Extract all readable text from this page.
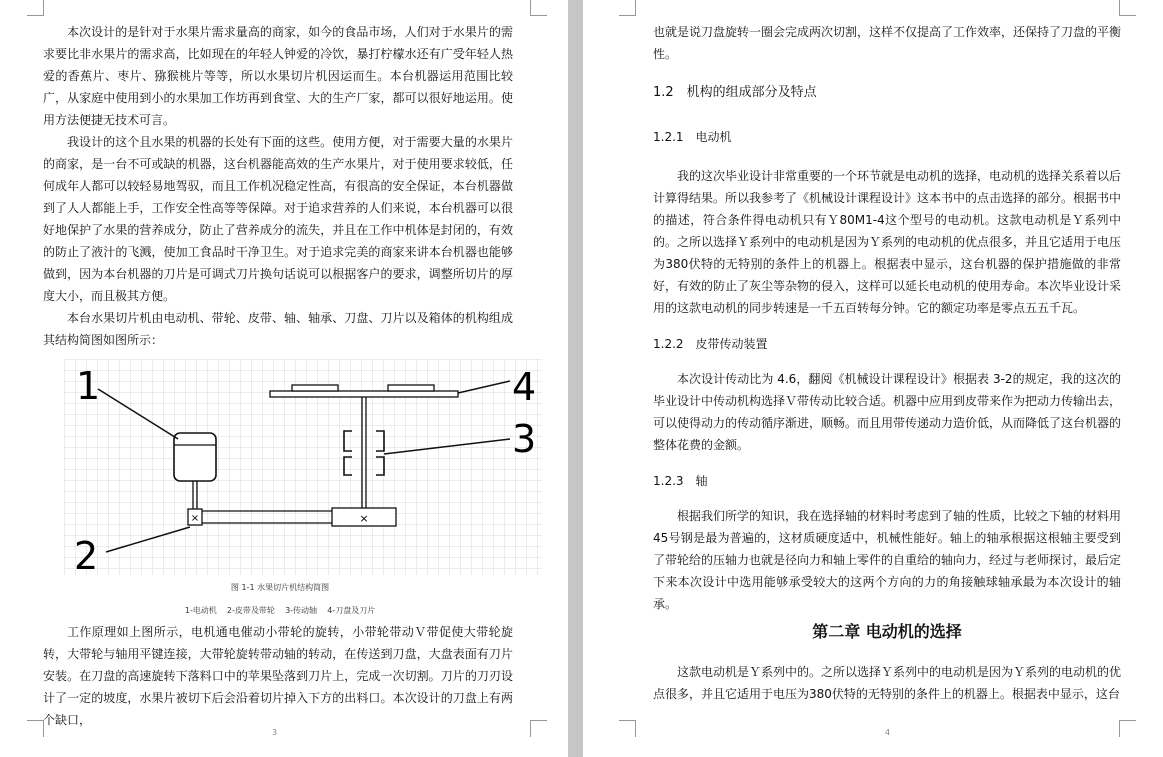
本次设计的是针对于水果片需求量高的商家，如今的食品市场，人们对于水果片的需求要比非水果片的需求高，比如现在的年轻人钟爱的冷饮，暴打柠檬水还有广受年轻人热爱的香蕉片、枣片、猕猴桃片等等，所以水果切片机因运而生。本台机器运用范围比较广，从家庭中使用到小的水果加工作坊再到食堂、大的生产厂家，都可以很好地运用。使用方法便捷无技术可言。

我设计的这个且水果的机器的长处有下面的这些。使用方便，对于需要大量的水果片的商家，是一台不可或缺的机器，这台机器能高效的生产水果片，对于使用要求较低，任何成年人都可以较轻易地驾驭，而且工作机况稳定性高，有很高的安全保证，本台机器做到了人人都能上手，工作安全性高等等保障。对于追求营养的人们来说，本台机器可以很好地保护了水果的营养成分，防止了营养成分的流失，并且在工作中机体是封闭的，有效的防止了液汁的飞溅，使加工食品时干净卫生。对于追求完美的商家来讲本台机器也能够做到，因为本台机器的刀片是可调式刀片换句话说可以根据客户的要求，调整所切片的厚度大小，而且极其方便。

本台水果切片机由电动机、带轮、皮带、轴、轴承、刀盘、刀片以及箱体的机构组成其结构简图如图所示：

×	×
1
2
3
4
图 1-1 水果切片机结构简图
1-电动机    2-皮带及带轮    3-传动轴    4-刀盘及刀片

工作原理如上图所示，电机通电催动小带轮的旋转，小带轮带动Ｖ带促使大带轮旋转，大带轮与轴用平键连接，大带轮旋转带动轴的转动，在传送到刀盘，大盘表面有刀片安装。在刀盘的高速旋转下落料口中的苹果坠落到刀片上，完成一次切割。刀片的刀刃设计了一定的坡度，水果片被切下后会沿着切片掉入下方的出料口。本次设计的刀盘上有两个缺口，

3

也就是说刀盘旋转一圈会完成两次切割，这样不仅提高了工作效率，还保持了刀盘的平衡性。

1.2　机构的组成部分及特点

1.2.1　电动机

我的这次毕业设计非常重要的一个环节就是电动机的选择，电动机的选择关系着以后计算得结果。所以我参考了《机械设计课程设计》这本书中的点击选择的部分。根据书中的描述，符合条件得电动机只有Ｙ80M1-4这个型号的电动机。这款电动机是Ｙ系列中的。之所以选择Ｙ系列中的电动机是因为Ｙ系列的电动机的优点很多，并且它适用于电压为380伏特的无特别的条件上的机器上。根据表中显示，这台机器的保护措施做的非常好，有效的防止了灰尘等杂物的侵入，这样可以延长电动机的使用寿命。本次毕业设计采用的这款电动机的同步转速是一千五百转每分钟。它的额定功率是零点五五千瓦。

1.2.2　皮带传动装置

本次设计传动比为 4.6，翻阅《机械设计课程设计》根据表 3-2的规定，我的这次的毕业设计中传动机构选择Ｖ带传动比较合适。机器中应用到皮带来作为把动力传输出去，可以使得动力的传动循序渐进，顺畅。而且用带传递动力造价低，从而降低了这台机器的整体花费的金额。

1.2.3　轴

根据我们所学的知识，我在选择轴的材料时考虑到了轴的性质，比较之下轴的材料用45号钢是最为普遍的，这材质硬度适中，机械性能好。轴上的轴承根据这根轴主要受到了带轮给的压轴力也就是径向力和轴上零件的自重给的轴向力，经过与老师探讨，最后定下来本次设计中选用能够承受较大的这两个方向的力的角接触球轴承最为本次设计的轴承。

第二章 电动机的选择

这款电动机是Ｙ系列中的。之所以选择Ｙ系列中的电动机是因为Ｙ系列的电动机的优点很多，并且它适用于电压为380伏特的无特别的条件上的机器上。根据表中显示，这台

4
